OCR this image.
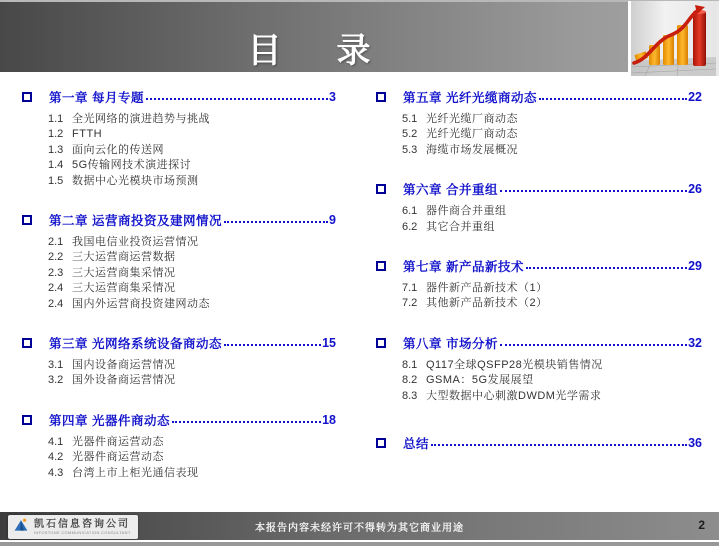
目  录
第一章 每月专题	3
1.1 全光网络的演进趋势与挑战
1.2 FTTH
1.3 面向云化的传送网
1.4 5G传输网技术演进探讨
1.5 数据中心光模块市场预测
第二章 运营商投资及建网情况	9
2.1 我国电信业投资运营情况
2.2 三大运营商运营数据
2.3 三大运营商集采情况
2.4 三大运营商集采情况
2.4 国内外运营商投资建网动态
第三章 光网络系统设备商动态	15
3.1 国内设备商运营情况
3.2 国外设备商运营情况
第四章 光器件商动态	18
4.1 光器件商运营动态
4.2 光器件商运营动态
4.3 台湾上市上柜光通信表现
第五章 光纤光缆商动态	22
5.1 光纤光缆厂商动态
5.2 光纤光缆厂商动态
5.3 海缆市场发展概况
第六章 合并重组	26
6.1 器件商合并重组
6.2 其它合并重组
第七章 新产品新技术	29
7.1 器件新产品新技术（1）
7.2 其他新产品新技术（2）
第八章 市场分析	32
8.1 Q117全球QSFP28光模块销售情况
8.2 GSMA：5G发展展望
8.3 大型数据中心刺激DWDM光学需求
总结	36
本报告内容未经许可不得转为其它商业用途
凯石信息咨询公司
INFOSTONE COMMUNICATION CONSULTANT	2
